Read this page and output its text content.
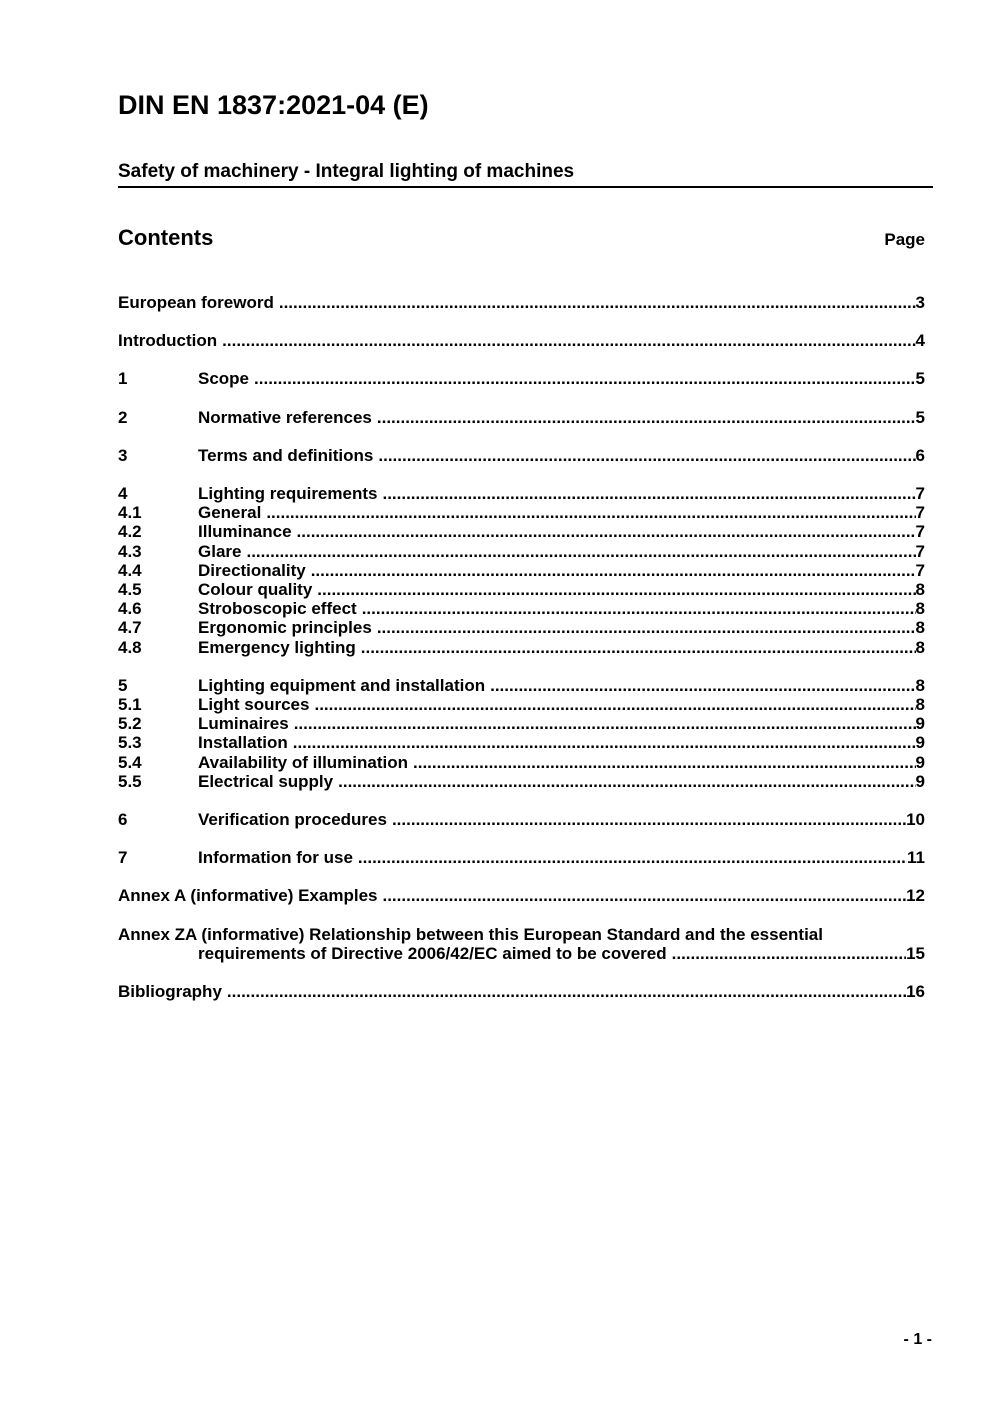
DIN EN 1837:2021-04 (E)
Safety of machinery - Integral lighting of machines
Contents	Page
European foreword .....	3
Introduction .....	4
1	Scope .....	5
2	Normative references .....	5
3	Terms and definitions .....	6
4	Lighting requirements .....	7
4.1	General .....	7
4.2	Illuminance .....	7
4.3	Glare .....	7
4.4	Directionality .....	7
4.5	Colour quality .....	8
4.6	Stroboscopic effect .....	8
4.7	Ergonomic principles .....	8
4.8	Emergency lighting .....	8
5	Lighting equipment and installation .....	8
5.1	Light sources .....	8
5.2	Luminaires .....	9
5.3	Installation .....	9
5.4	Availability of illumination .....	9
5.5	Electrical supply .....	9
6	Verification procedures .....	10
7	Information for use .....	11
Annex A (informative) Examples .....	12
Annex ZA (informative) Relationship between this European Standard and the essential
requirements of Directive 2006/42/EC aimed to be covered .....	15
Bibliography .....	16
- 1 -
